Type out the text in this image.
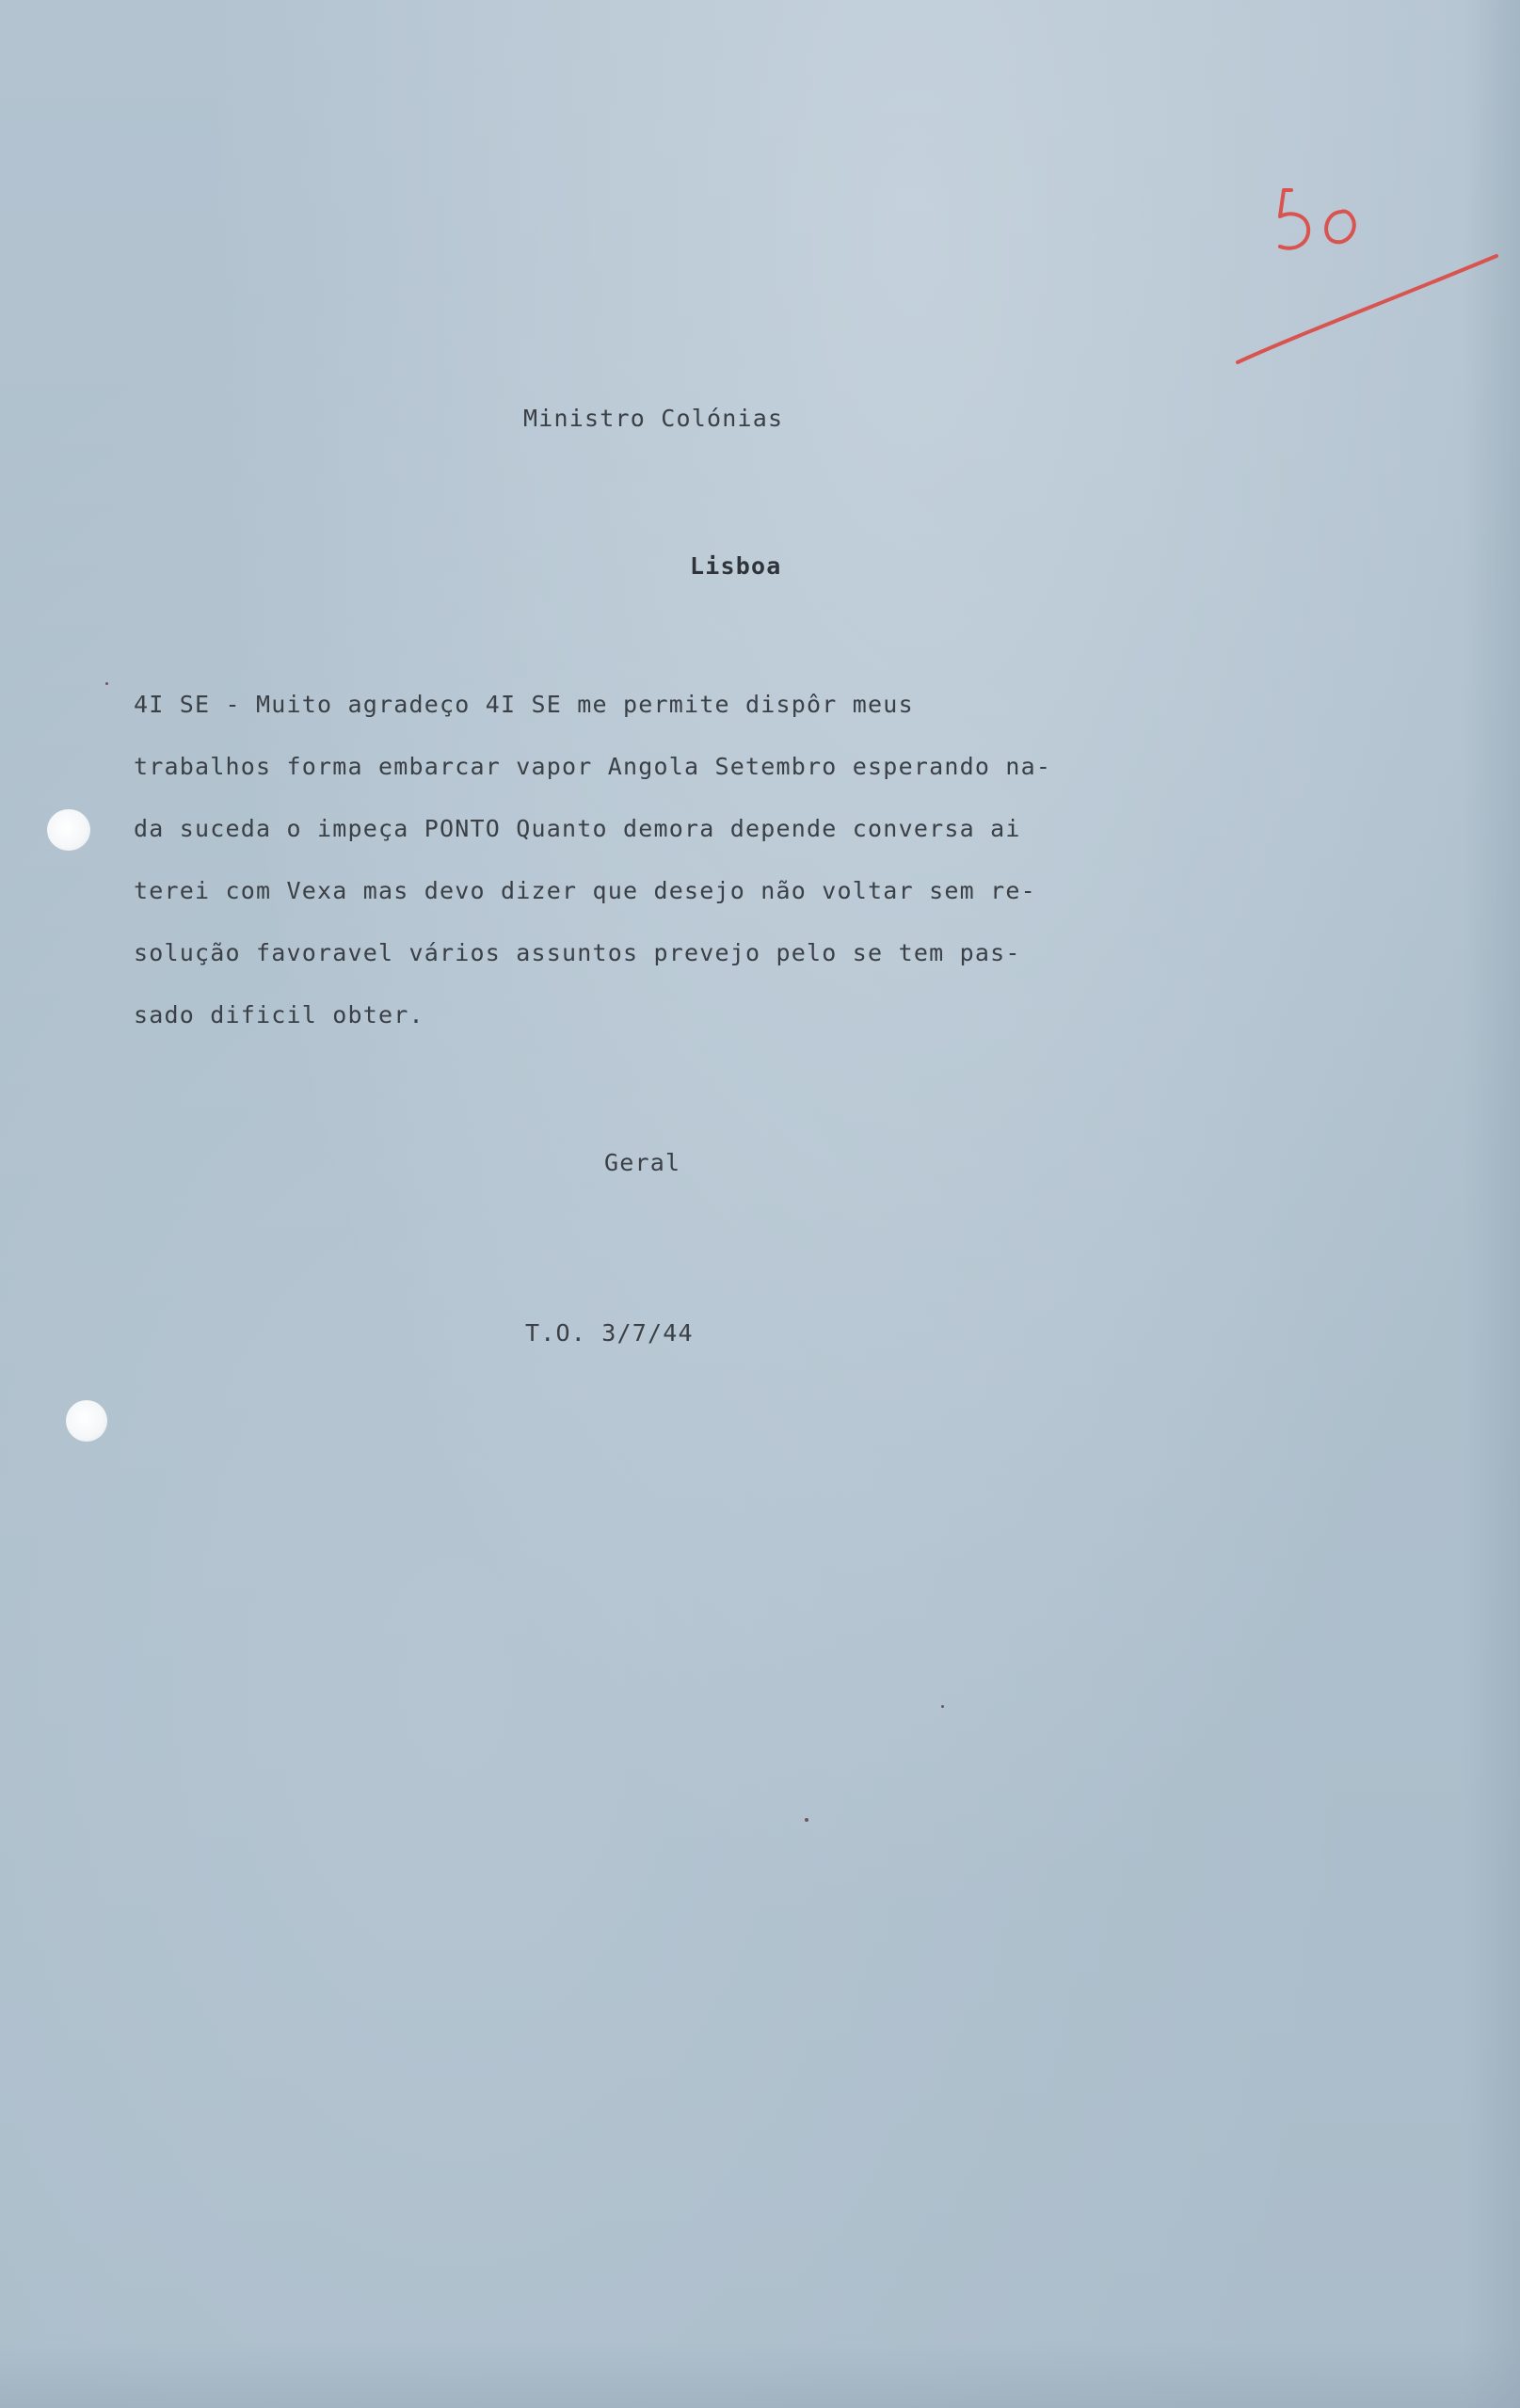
Ministro Colónias
Lisboa
4I SE - Muito agradeço 4I SE me permite dispôr meus
trabalhos forma embarcar vapor Angola Setembro esperando na-
da suceda o impeça PONTO Quanto demora depende conversa ai
terei com Vexa mas devo dizer que desejo não voltar sem re-
solução favoravel vários assuntos prevejo pelo se tem pas-
sado dificil obter.
Geral
T.O. 3/7/44
